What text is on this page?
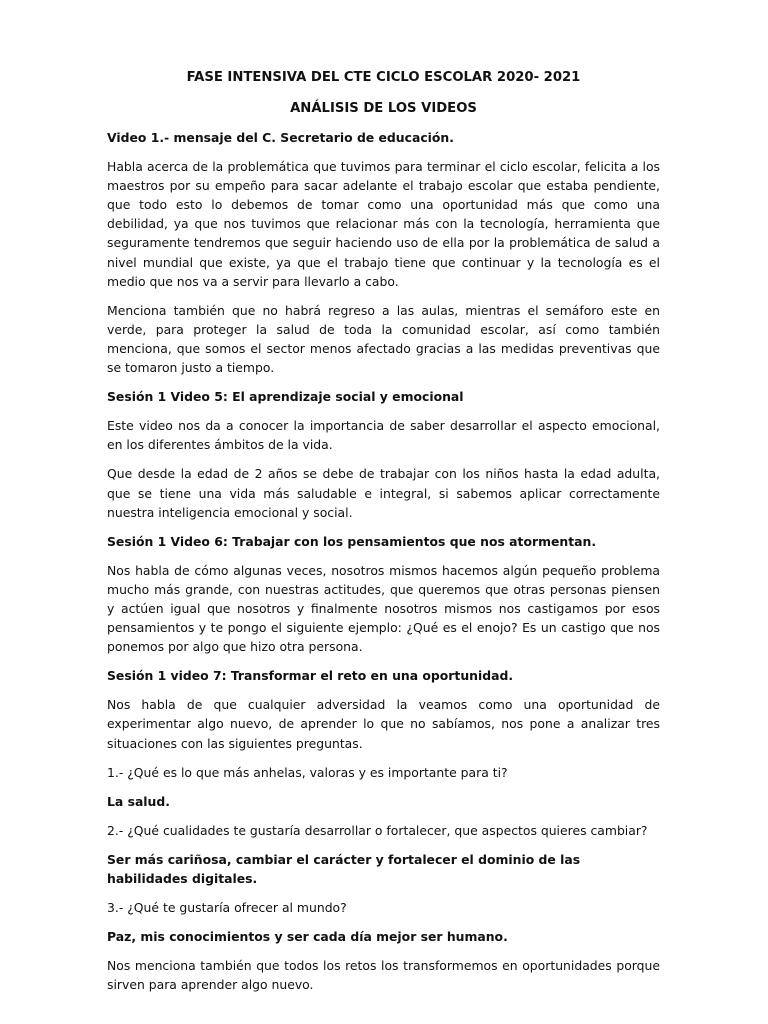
FASE INTENSIVA DEL CTE CICLO ESCOLAR 2020- 2021
ANÁLISIS DE LOS VIDEOS

Video 1.- mensaje del C. Secretario de educación.

Habla acerca de la problemática que tuvimos para terminar el ciclo escolar, felicita a los maestros por su empeño para sacar adelante el trabajo escolar que estaba pendiente, que todo esto lo debemos de tomar como una oportunidad más que como una debilidad, ya que nos tuvimos que relacionar más con la tecnología, herramienta que seguramente tendremos que seguir haciendo uso de ella por la problemática de salud a nivel mundial que existe, ya que el trabajo tiene que continuar y la tecnología es el medio que nos va a servir para llevarlo a cabo.

Menciona también que no habrá regreso a las aulas, mientras el semáforo este en verde, para proteger la salud de toda la comunidad escolar, así como también menciona, que somos el sector menos afectado gracias a las medidas preventivas que se tomaron justo a tiempo.

Sesión 1 Video 5: El aprendizaje social y emocional

Este video nos da a conocer la importancia de saber desarrollar el aspecto emocional, en los diferentes ámbitos de la vida.

Que desde la edad de 2 años se debe de trabajar con los niños hasta la edad adulta, que se tiene una vida más saludable e integral, si sabemos aplicar correctamente nuestra inteligencia emocional y social.

Sesión 1 Video 6: Trabajar con los pensamientos que nos atormentan.

Nos habla de cómo algunas veces, nosotros mismos hacemos algún pequeño problema mucho más grande, con nuestras actitudes, que queremos que otras personas piensen y actúen igual que nosotros y finalmente nosotros mismos nos castigamos por esos pensamientos y te pongo el siguiente ejemplo: ¿Qué es el enojo? Es un castigo que nos ponemos por algo que hizo otra persona.

Sesión 1 video 7: Transformar el reto en una oportunidad.

Nos habla de que cualquier adversidad la veamos como una oportunidad de experimentar algo nuevo, de aprender lo que no sabíamos, nos pone a analizar tres situaciones con las siguientes preguntas.

1.- ¿Qué es lo que más anhelas, valoras y es importante para ti?

La salud.

2.- ¿Qué cualidades te gustaría desarrollar o fortalecer, que aspectos quieres cambiar?

Ser más cariñosa, cambiar el carácter y fortalecer el dominio de las habilidades digitales.

3.- ¿Qué te gustaría ofrecer al mundo?

Paz, mis conocimientos y ser cada día mejor ser humano.

Nos menciona también que todos los retos los transformemos en oportunidades porque sirven para aprender algo nuevo.
